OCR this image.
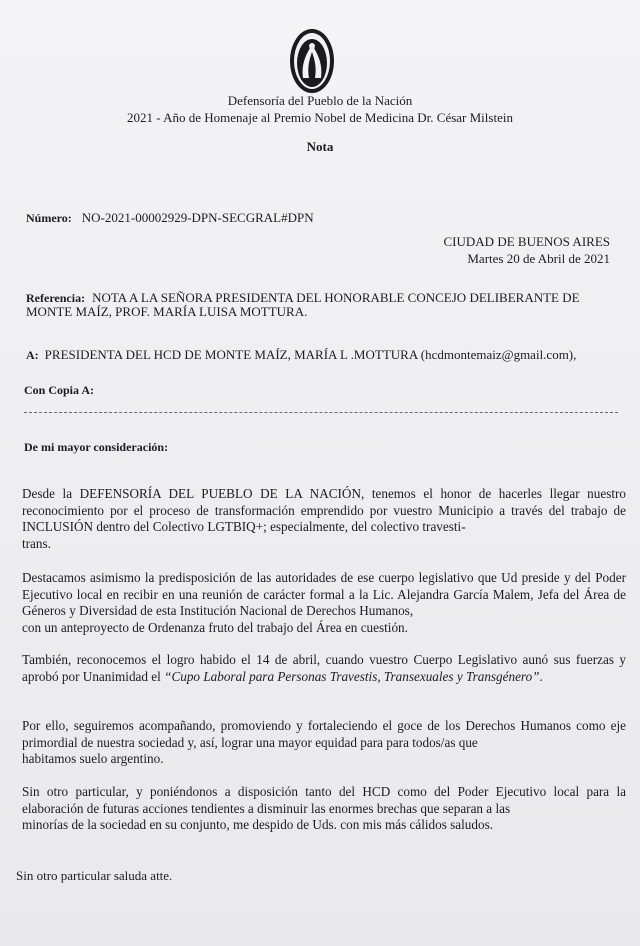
Defensoría del Pueblo de la Nación
2021 - Año de Homenaje al Premio Nobel de Medicina Dr. César Milstein
Nota
Número: NO-2021-00002929-DPN-SECGRAL#DPN
CIUDAD DE BUENOS AIRES
Martes 20 de Abril de 2021
Referencia: NOTA A LA SEÑORA PRESIDENTA DEL HONORABLE CONCEJO DELIBERANTE DE
MONTE MAÍZ, PROF. MARÍA LUISA MOTTURA.
A: PRESIDENTA DEL HCD DE MONTE MAÍZ, MARÍA L .MOTTURA (hcdmontemaiz@gmail.com),
Con Copia A:
De mi mayor consideración:
Desde la DEFENSORÍA DEL PUEBLO DE LA NACIÓN, tenemos el honor de hacerles llegar nuestro reconocimiento por el proceso de transformación emprendido por vuestro Municipio a través del trabajo de INCLUSIÓN dentro del Colectivo LGTBIQ+; especialmente, del colectivo travesti-
trans.
Destacamos asimismo la predisposición de las autoridades de ese cuerpo legislativo que Ud preside y del Poder Ejecutivo local en recibir en una reunión de carácter formal a la Lic. Alejandra García Malem, Jefa del Área de Géneros y Diversidad de esta Institución Nacional de Derechos Humanos,
con un anteproyecto de Ordenanza fruto del trabajo del Área en cuestión.
También, reconocemos el logro habido el 14 de abril, cuando vuestro Cuerpo Legislativo aunó sus fuerzas y aprobó por Unanimidad el “Cupo Laboral para Personas Travestis, Transexuales y Transgénero”.
Por ello, seguiremos acompañando, promoviendo y fortaleciendo el goce de los Derechos Humanos como eje primordial de nuestra sociedad y, así, lograr una mayor equidad para para todos/as que
habitamos suelo argentino.
Sin otro particular, y poniéndonos a disposición tanto del HCD como del Poder Ejecutivo local para la elaboración de futuras acciones tendientes a disminuir las enormes brechas que separan a las
minorías de la sociedad en su conjunto, me despido de Uds. con mis más cálidos saludos.
Sin otro particular saluda atte.
